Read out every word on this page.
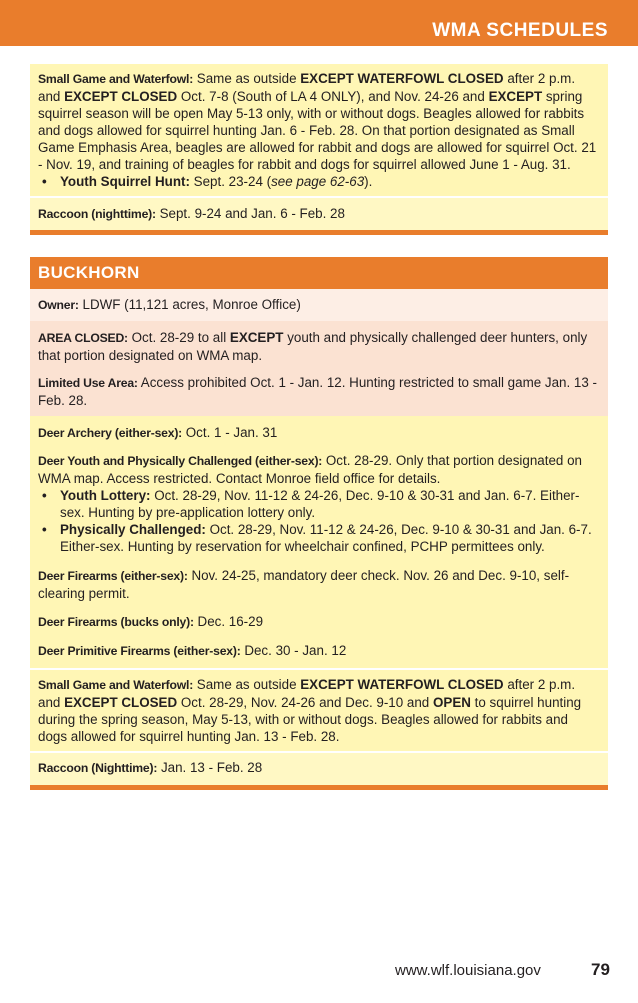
WMA SCHEDULES
Small Game and Waterfowl: Same as outside EXCEPT WATERFOWL CLOSED after 2 p.m. and EXCEPT CLOSED Oct. 7-8 (South of LA 4 ONLY), and Nov. 24-26 and EXCEPT spring squirrel season will be open May 5-13 only, with or without dogs. Beagles allowed for rabbits and dogs allowed for squirrel hunting Jan. 6 - Feb. 28. On that portion designated as Small Game Emphasis Area, beagles are allowed for rabbit and dogs are allowed for squirrel Oct. 21 - Nov. 19, and training of beagles for rabbit and dogs for squirrel allowed June 1 - Aug. 31.
• Youth Squirrel Hunt: Sept. 23-24 (see page 62-63).
Raccoon (nighttime): Sept. 9-24 and Jan. 6 - Feb. 28
BUCKHORN
Owner: LDWF (11,121 acres, Monroe Office)
AREA CLOSED: Oct. 28-29 to all EXCEPT youth and physically challenged deer hunters, only that portion designated on WMA map.
Limited Use Area: Access prohibited Oct. 1 - Jan. 12. Hunting restricted to small game Jan. 13 - Feb. 28.
Deer Archery (either-sex): Oct. 1 - Jan. 31
Deer Youth and Physically Challenged (either-sex): Oct. 28-29. Only that portion designated on WMA map. Access restricted. Contact Monroe field office for details.
• Youth Lottery: Oct. 28-29, Nov. 11-12 & 24-26, Dec. 9-10 & 30-31 and Jan. 6-7. Either-sex. Hunting by pre-application lottery only.
• Physically Challenged: Oct. 28-29, Nov. 11-12 & 24-26, Dec. 9-10 & 30-31 and Jan. 6-7. Either-sex. Hunting by reservation for wheelchair confined, PCHP permittees only.
Deer Firearms (either-sex): Nov. 24-25, mandatory deer check. Nov. 26 and Dec. 9-10, self-clearing permit.
Deer Firearms (bucks only): Dec. 16-29
Deer Primitive Firearms (either-sex): Dec. 30 - Jan. 12
Small Game and Waterfowl: Same as outside EXCEPT WATERFOWL CLOSED after 2 p.m. and EXCEPT CLOSED Oct. 28-29, Nov. 24-26 and Dec. 9-10 and OPEN to squirrel hunting during the spring season, May 5-13, with or without dogs. Beagles allowed for rabbits and dogs allowed for squirrel hunting Jan. 13 - Feb. 28.
Raccoon (Nighttime): Jan. 13 - Feb. 28
www.wlf.louisiana.gov	79
